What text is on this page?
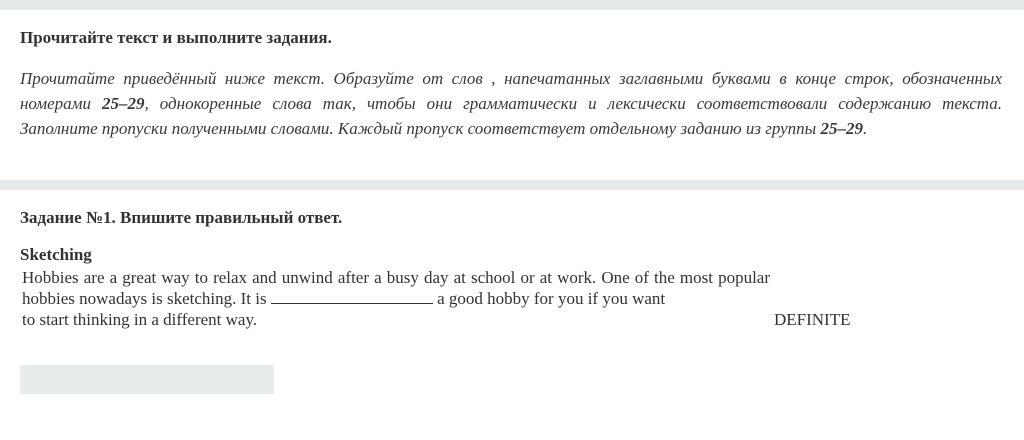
Прочитайте текст и выполните задания.

Прочитайте приведённый ниже текст. Образуйте от слов , напечатанных заглавными буквами в конце строк, обозначенных номерами 25–29, однокоренные слова так, чтобы они грамматически и лексически соответствовали содержанию текста. Заполните пропуски полученными словами. Каждый пропуск соответствует отдельному заданию из группы 25–29.

Задание №1. Впишите правильный ответ.
Sketching
Hobbies are a great way to relax and unwind after a busy day at school or at work. One of the most popular hobbies nowadays is sketching. It is	a good hobby for you if you want
to start thinking in a different way.	DEFINITE
